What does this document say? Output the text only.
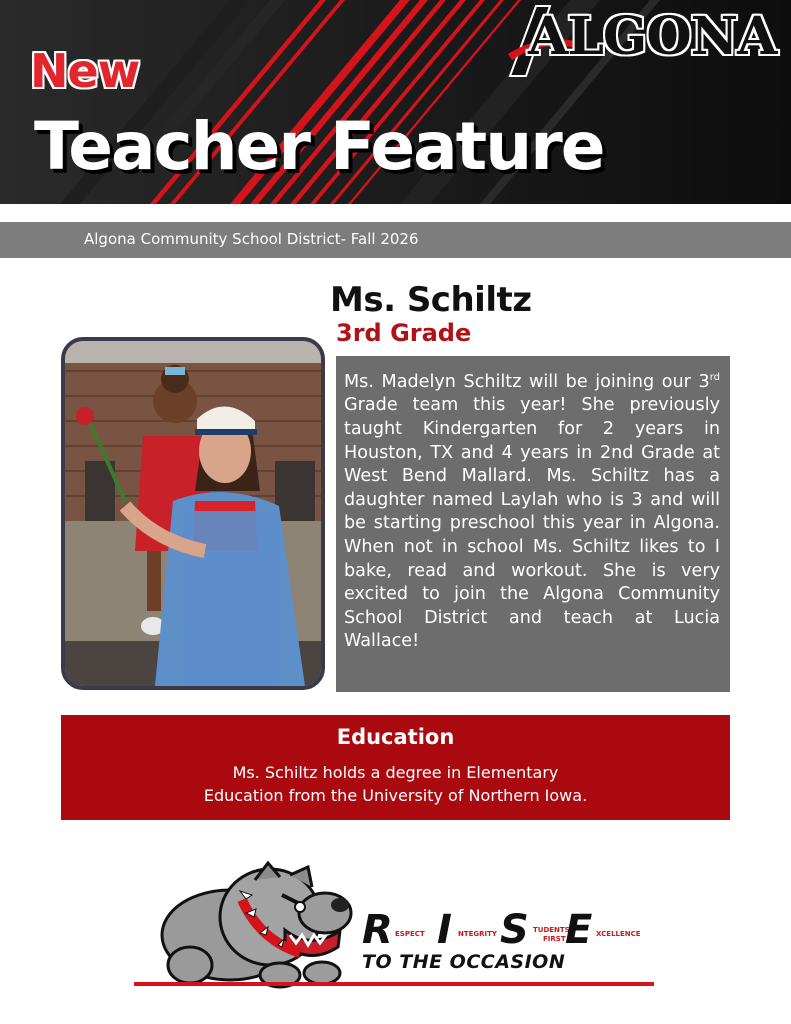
New
Teacher Feature
ALGONA
Algona Community School District- Fall 2026
Ms. Schiltz
3rd Grade

Ms. Madelyn Schiltz will be joining our 3rd Grade team this year! She previously taught Kindergarten for 2 years in Houston, TX and 4 years in 2nd Grade at West Bend Mallard. Ms. Schiltz has a daughter named Laylah who is 3 and will be starting preschool this year in Algona. When not in school Ms. Schiltz likes to I bake, read and workout. She is very excited to join the Algona Community School District and teach at Lucia Wallace!

Education
Ms. Schiltz holds a degree in Elementary
Education from the University of Northern Iowa.
R ESPECT I NTEGRITY S TUDENTS
FIRST E XCELLENCE
TO THE OCCASION
